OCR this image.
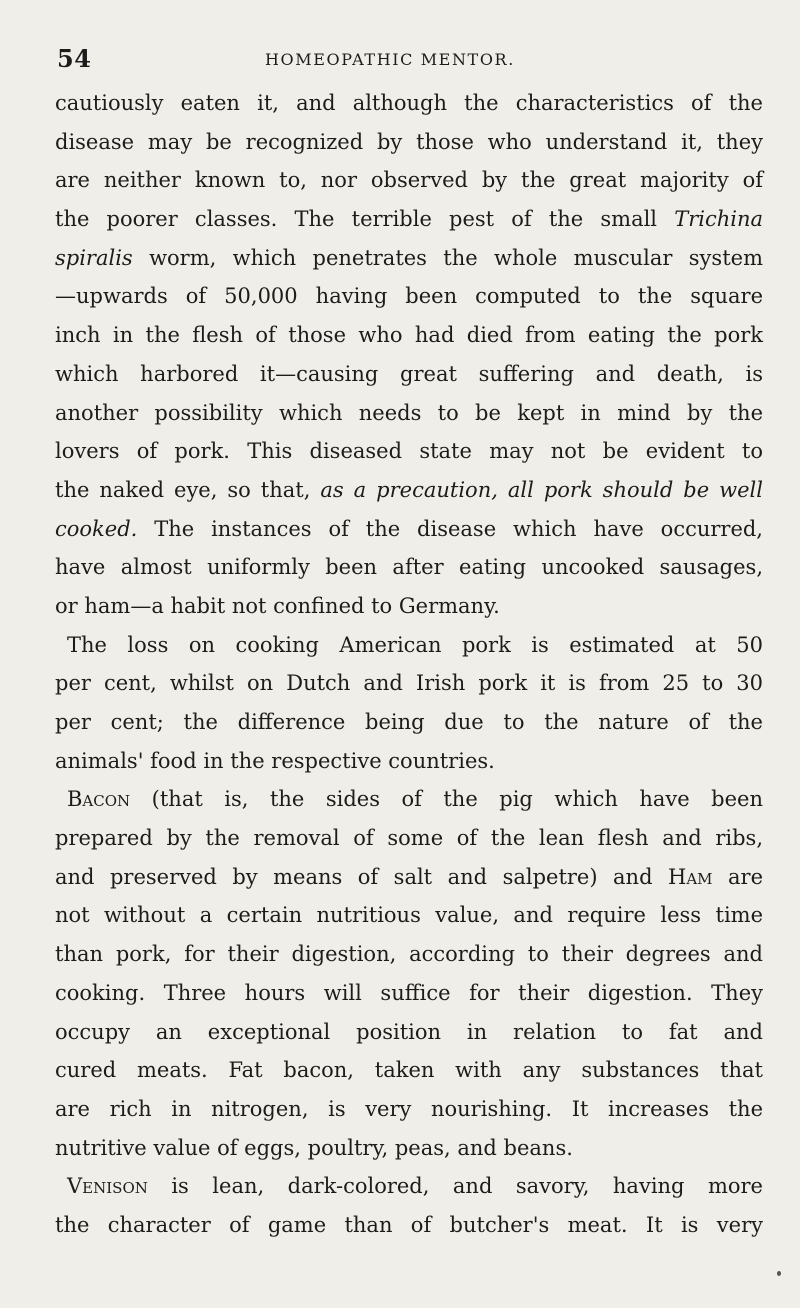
54	HOMEOPATHIC MENTOR.
cautiously eaten it, and although the characteristics of the
disease may be recognized by those who understand it, they
are neither known to, nor observed by the great majority of
the poorer classes. The terrible pest of the small Trichina
spiralis worm, which penetrates the whole muscular system
—upwards of 50,000 having been computed to the square
inch in the flesh of those who had died from eating the pork
which harbored it—causing great suffering and death, is
another possibility which needs to be kept in mind by the
lovers of pork. This diseased state may not be evident to
the naked eye, so that, as a precaution, all pork should be well
cooked. The instances of the disease which have occurred,
have almost uniformly been after eating uncooked sausages,
or ham—a habit not confined to Germany.
The loss on cooking American pork is estimated at 50
per cent, whilst on Dutch and Irish pork it is from 25 to 30
per cent; the difference being due to the nature of the
animals' food in the respective countries.
Bacon (that is, the sides of the pig which have been
prepared by the removal of some of the lean flesh and ribs,
and preserved by means of salt and salpetre) and Ham are
not without a certain nutritious value, and require less time
than pork, for their digestion, according to their degrees and
cooking. Three hours will suffice for their digestion. They
occupy an exceptional position in relation to fat and
cured meats. Fat bacon, taken with any substances that
are rich in nitrogen, is very nourishing. It increases the
nutritive value of eggs, poultry, peas, and beans.
Venison is lean, dark-colored, and savory, having more
the character of game than of butcher's meat. It is very
